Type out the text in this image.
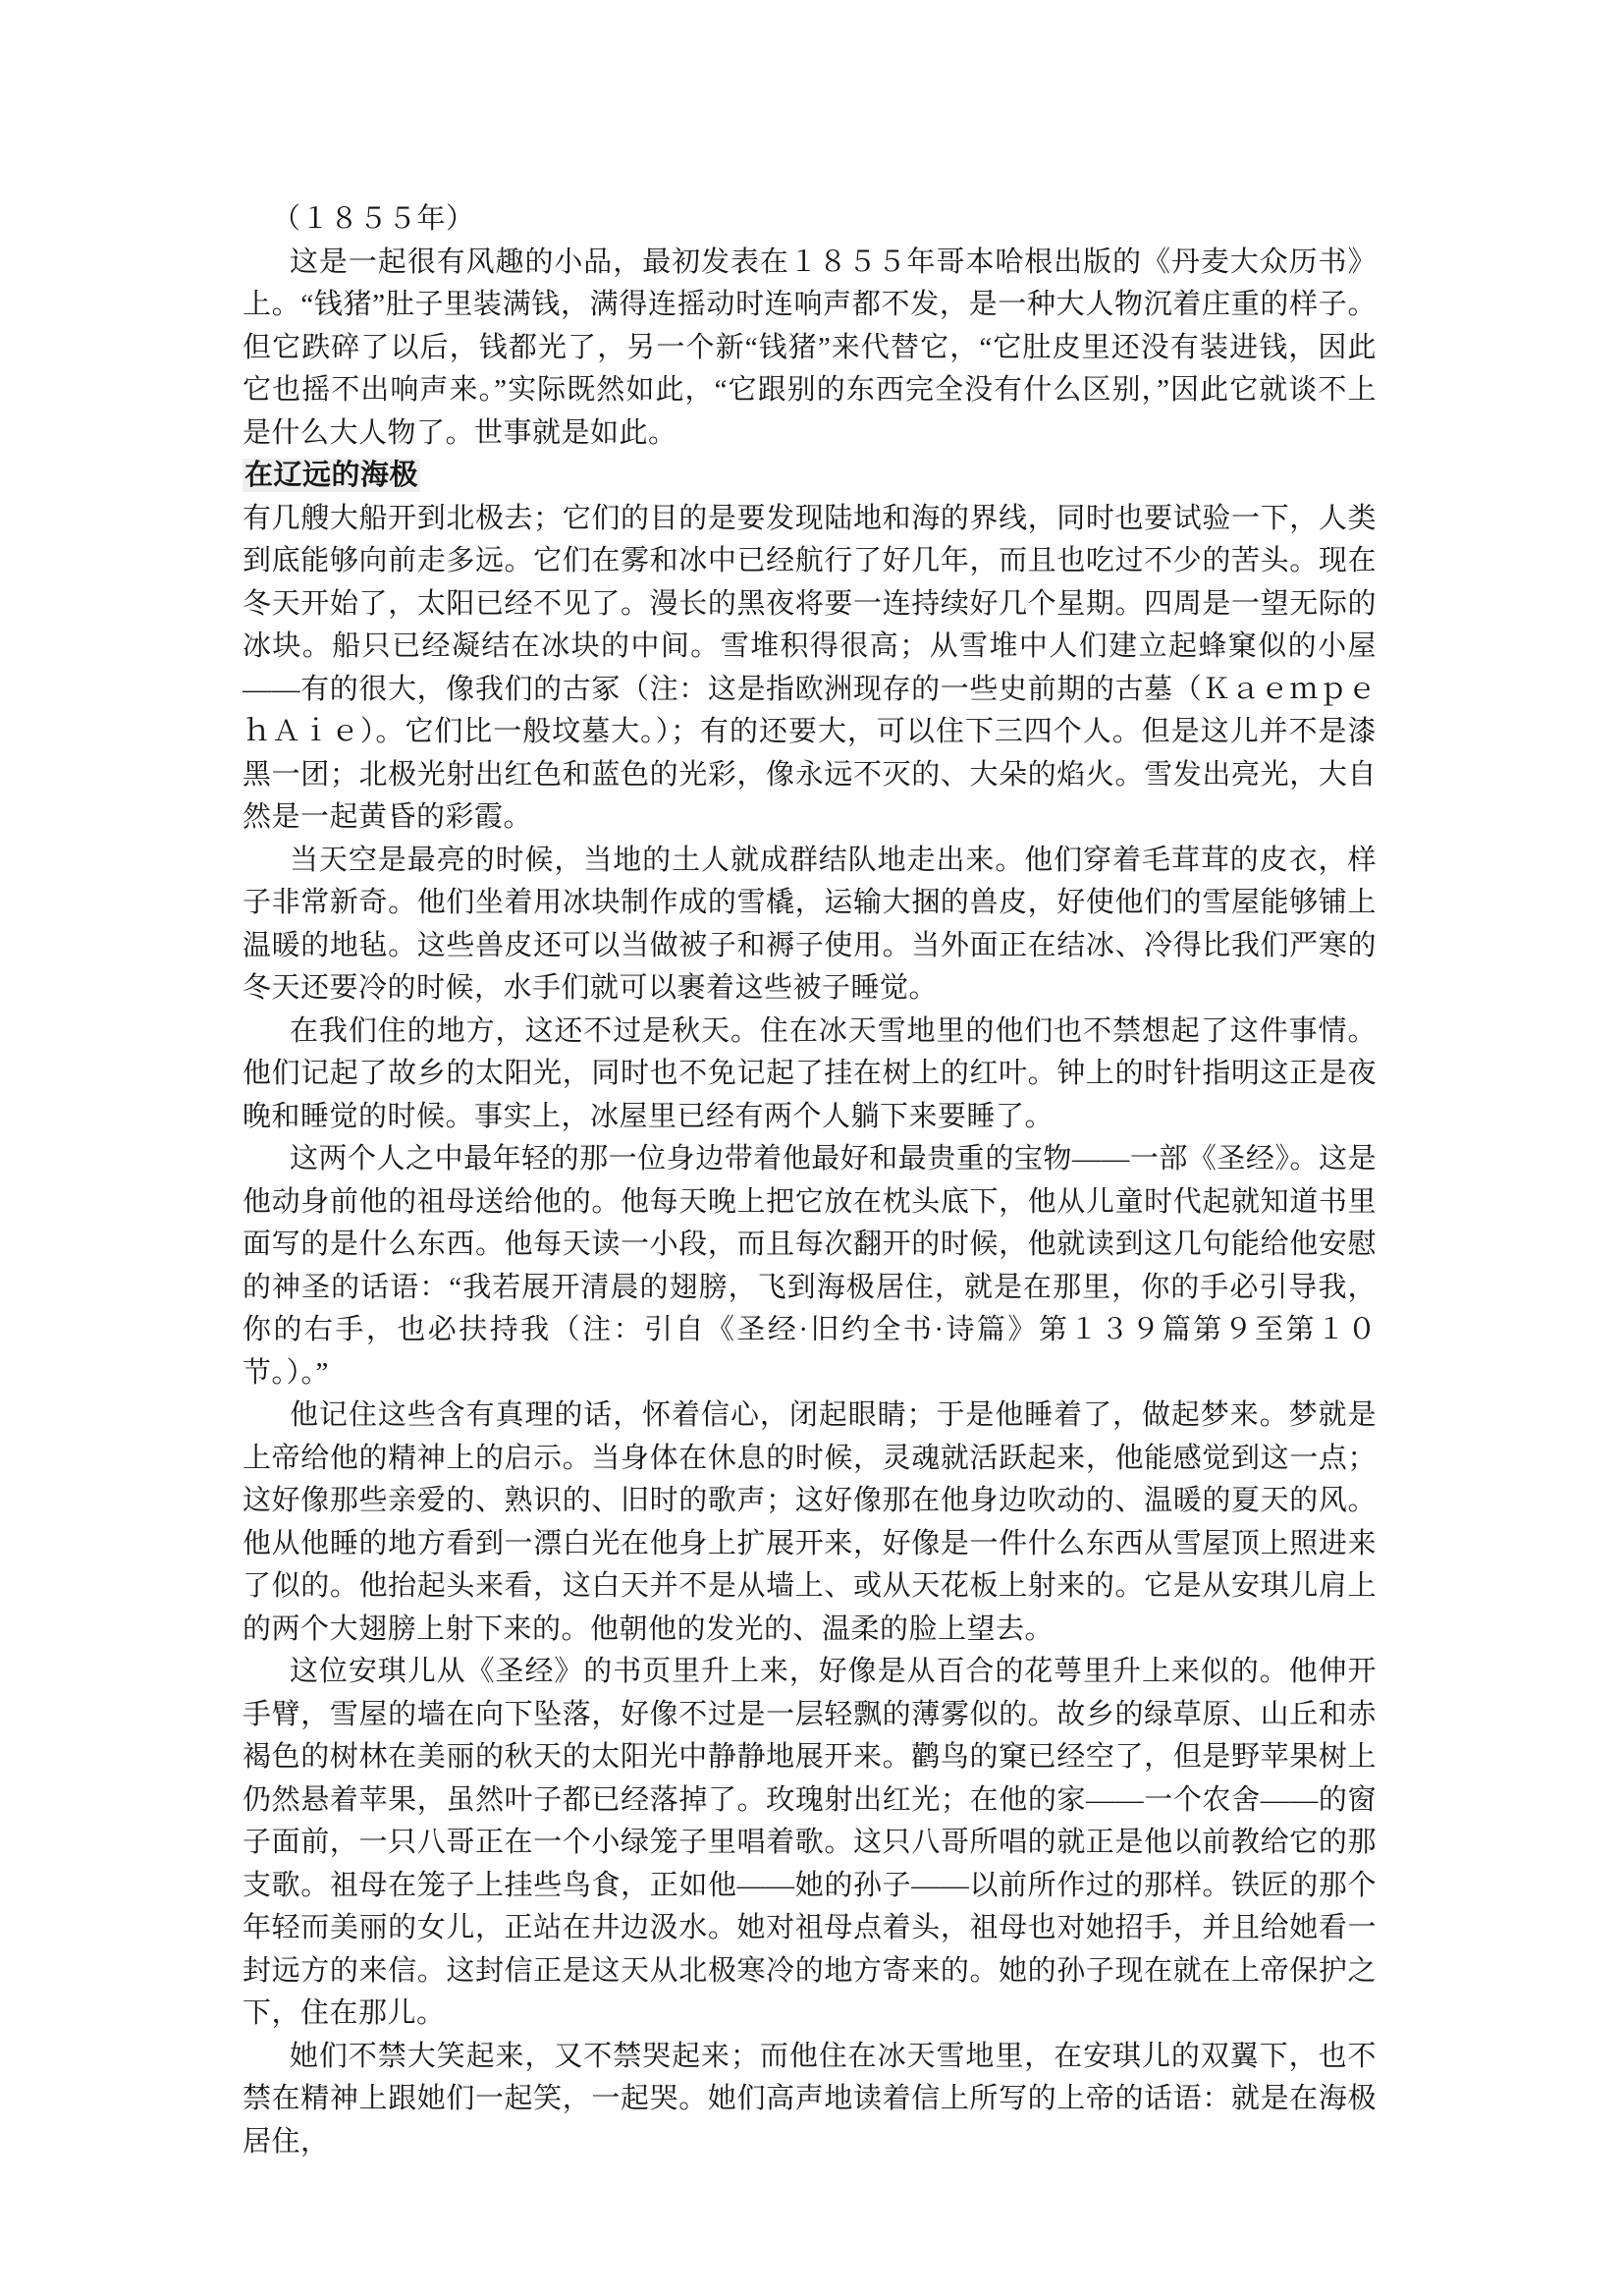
（１８５５年）

这是一起很有风趣的小品，最初发表在１８５５年哥本哈根出版的《丹麦大众历书》上。“钱猪”肚子里装满钱，满得连摇动时连响声都不发，是一种大人物沉着庄重的样子。但它跌碎了以后，钱都光了，另一个新“钱猪”来代替它，“它肚皮里还没有装进钱，因此它也摇不出响声来。”实际既然如此，“它跟别的东西完全没有什么区别，”因此它就谈不上是什么大人物了。世事就是如此。

在辽远的海极

有几艘大船开到北极去；它们的目的是要发现陆地和海的界线，同时也要试验一下，人类到底能够向前走多远。它们在雾和冰中已经航行了好几年，而且也吃过不少的苦头。现在冬天开始了，太阳已经不见了。漫长的黑夜将要一连持续好几个星期。四周是一望无际的冰块。船只已经凝结在冰块的中间。雪堆积得很高；从雪堆中人们建立起蜂窠似的小屋——有的很大，像我们的古冢（注：这是指欧洲现存的一些史前期的古墓（ＫａｅｍｐｅｈＡｉｅ）。它们比一般坟墓大。）；有的还要大，可以住下三四个人。但是这儿并不是漆黑一团；北极光射出红色和蓝色的光彩，像永远不灭的、大朵的焰火。雪发出亮光，大自然是一起黄昏的彩霞。

当天空是最亮的时候，当地的土人就成群结队地走出来。他们穿着毛茸茸的皮衣，样子非常新奇。他们坐着用冰块制作成的雪橇，运输大捆的兽皮，好使他们的雪屋能够铺上温暖的地毡。这些兽皮还可以当做被子和褥子使用。当外面正在结冰、冷得比我们严寒的冬天还要冷的时候，水手们就可以裹着这些被子睡觉。

在我们住的地方，这还不过是秋天。住在冰天雪地里的他们也不禁想起了这件事情。他们记起了故乡的太阳光，同时也不免记起了挂在树上的红叶。钟上的时针指明这正是夜晚和睡觉的时候。事实上，冰屋里已经有两个人躺下来要睡了。

这两个人之中最年轻的那一位身边带着他最好和最贵重的宝物——一部《圣经》。这是他动身前他的祖母送给他的。他每天晚上把它放在枕头底下，他从儿童时代起就知道书里面写的是什么东西。他每天读一小段，而且每次翻开的时候，他就读到这几句能给他安慰的神圣的话语：“我若展开清晨的翅膀，飞到海极居住，就是在那里，你的手必引导我，你的右手，也必扶持我（注：引自《圣经·旧约全书·诗篇》第１３９篇第９至第１０节。）。”

他记住这些含有真理的话，怀着信心，闭起眼睛；于是他睡着了，做起梦来。梦就是上帝给他的精神上的启示。当身体在休息的时候，灵魂就活跃起来，他能感觉到这一点；这好像那些亲爱的、熟识的、旧时的歌声；这好像那在他身边吹动的、温暖的夏天的风。他从他睡的地方看到一漂白光在他身上扩展开来，好像是一件什么东西从雪屋顶上照进来了似的。他抬起头来看，这白天并不是从墙上、或从天花板上射来的。它是从安琪儿肩上的两个大翅膀上射下来的。他朝他的发光的、温柔的脸上望去。

这位安琪儿从《圣经》的书页里升上来，好像是从百合的花萼里升上来似的。他伸开手臂，雪屋的墙在向下坠落，好像不过是一层轻飘的薄雾似的。故乡的绿草原、山丘和赤褐色的树林在美丽的秋天的太阳光中静静地展开来。鹳鸟的窠已经空了，但是野苹果树上仍然悬着苹果，虽然叶子都已经落掉了。玫瑰射出红光；在他的家——一个农舍——的窗子面前，一只八哥正在一个小绿笼子里唱着歌。这只八哥所唱的就正是他以前教给它的那支歌。祖母在笼子上挂些鸟食，正如他——她的孙子——以前所作过的那样。铁匠的那个年轻而美丽的女儿，正站在井边汲水。她对祖母点着头，祖母也对她招手，并且给她看一封远方的来信。这封信正是这天从北极寒冷的地方寄来的。她的孙子现在就在上帝保护之下，住在那儿。

她们不禁大笑起来，又不禁哭起来；而他住在冰天雪地里，在安琪儿的双翼下，也不禁在精神上跟她们一起笑，一起哭。她们高声地读着信上所写的上帝的话语：就是在海极居住，
